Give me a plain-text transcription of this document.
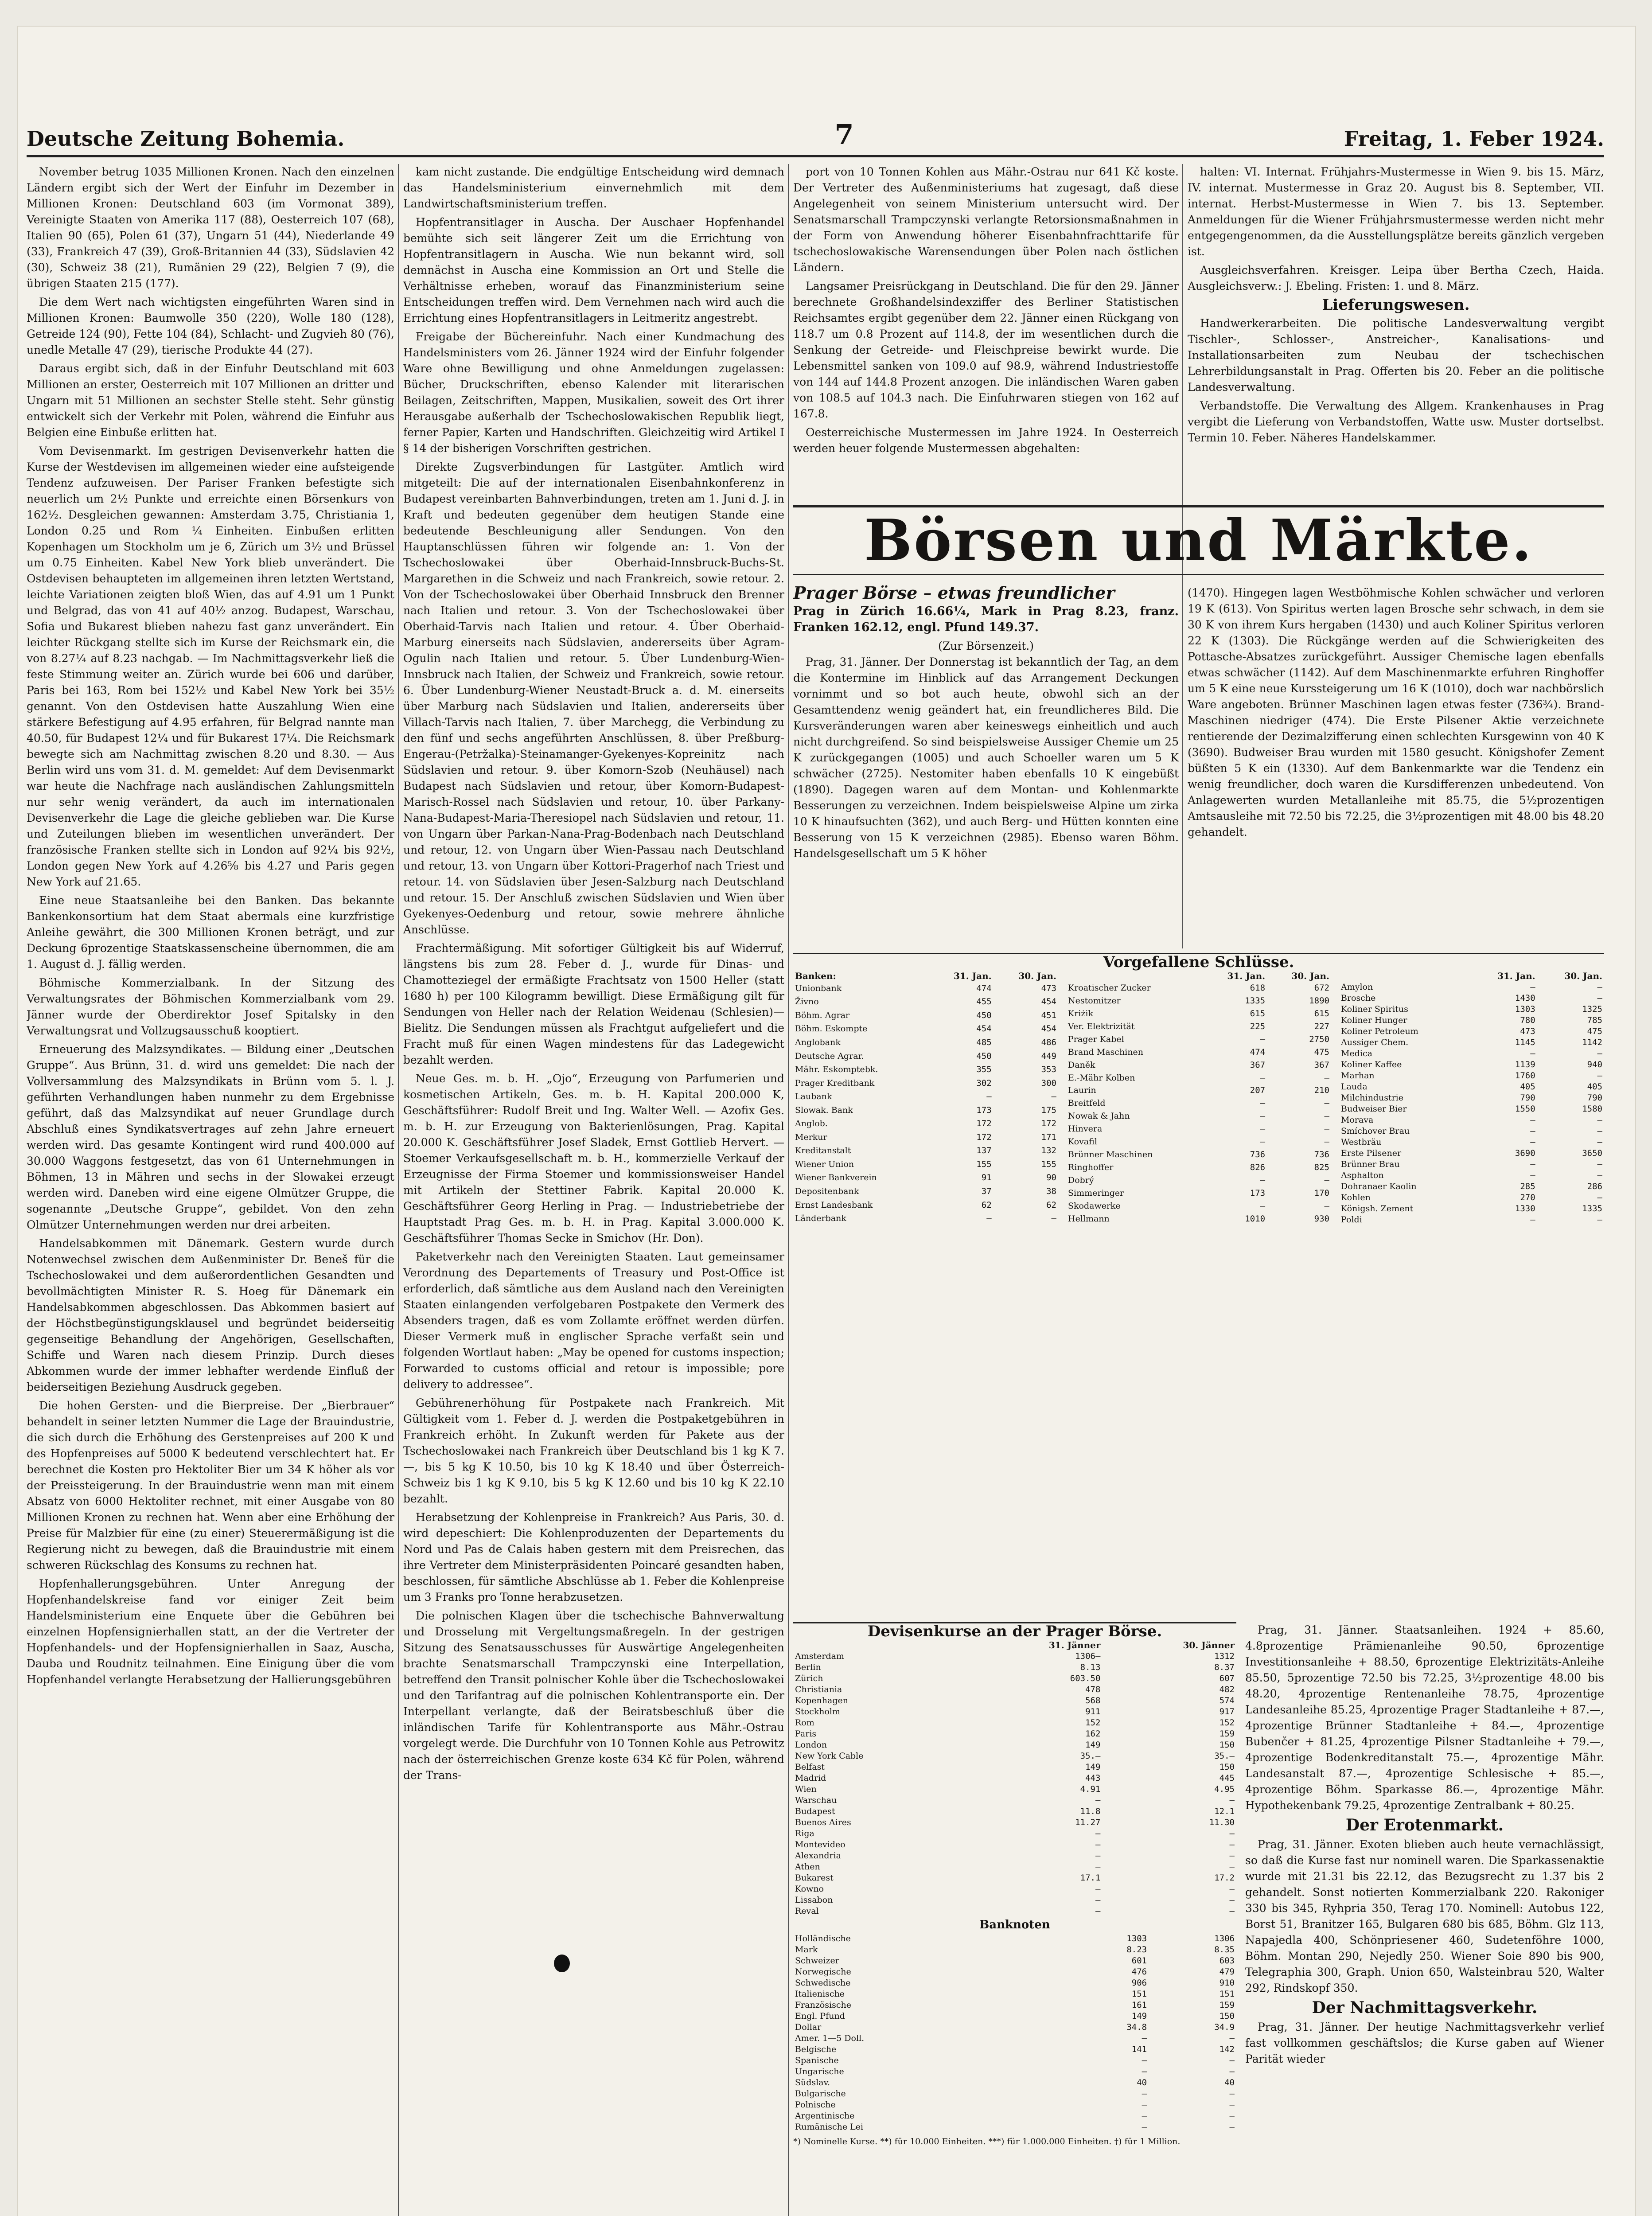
Deutsche Zeitung Bohemia.	7	Freitag, 1. Feber 1924.

November betrug 1035 Millionen Kronen. Nach den einzelnen Ländern ergibt sich der Wert der Einfuhr im Dezember in Millionen Kronen: Deutschland 603 (im Vormonat 389), Vereinigte Staaten von Amerika 117 (88), Oesterreich 107 (68), Italien 90 (65), Polen 61 (37), Ungarn 51 (44), Niederlande 49 (33), Frankreich 47 (39), Groß-Britannien 44 (33), Südslavien 42 (30), Schweiz 38 (21), Rumänien 29 (22), Belgien 7 (9), die übrigen Staaten 215 (177).

Die dem Wert nach wichtigsten eingeführten Waren sind in Millionen Kronen: Baumwolle 350 (220), Wolle 180 (128), Getreide 124 (90), Fette 104 (84), Schlacht- und Zugvieh 80 (76), unedle Metalle 47 (29), tierische Produkte 44 (27).

Daraus ergibt sich, daß in der Einfuhr Deutschland mit 603 Millionen an erster, Oesterreich mit 107 Millionen an dritter und Ungarn mit 51 Millionen an sechster Stelle steht. Sehr günstig entwickelt sich der Verkehr mit Polen, während die Einfuhr aus Belgien eine Einbuße erlitten hat.

Vom Devisenmarkt. Im gestrigen Devisenverkehr hatten die Kurse der Westdevisen im allgemeinen wieder eine aufsteigende Tendenz aufzuweisen. Der Pariser Franken befestigte sich neuerlich um 2½ Punkte und erreichte einen Börsenkurs von 162½. Desgleichen gewannen: Amsterdam 3.75, Christiania 1, London 0.25 und Rom ¼ Einheiten. Einbußen erlitten Kopenhagen um Stockholm um je 6, Zürich um 3½ und Brüssel um 0.75 Einheiten. Kabel New York blieb unverändert. Die Ostdevisen behaupteten im allgemeinen ihren letzten Wertstand, leichte Variationen zeigten bloß Wien, das auf 4.91 um 1 Punkt und Belgrad, das von 41 auf 40½ anzog. Budapest, Warschau, Sofia und Bukarest blieben nahezu fast ganz unverändert. Ein leichter Rückgang stellte sich im Kurse der Reichsmark ein, die von 8.27¼ auf 8.23 nachgab. — Im Nachmittagsverkehr ließ die feste Stimmung weiter an. Zürich wurde bei 606 und darüber, Paris bei 163, Rom bei 152½ und Kabel New York bei 35½ genannt. Von den Ostdevisen hatte Auszahlung Wien eine stärkere Befestigung auf 4.95 erfahren, für Belgrad nannte man 40.50, für Budapest 12¼ und für Bukarest 17¼. Die Reichsmark bewegte sich am Nachmittag zwischen 8.20 und 8.30. — Aus Berlin wird uns vom 31. d. M. gemeldet: Auf dem Devisenmarkt war heute die Nachfrage nach ausländischen Zahlungsmitteln nur sehr wenig verändert, da auch im internationalen Devisenverkehr die Lage die gleiche geblieben war. Die Kurse und Zuteilungen blieben im wesentlichen unverändert. Der französische Franken stellte sich in London auf 92¼ bis 92½, London gegen New York auf 4.26⅝ bis 4.27 und Paris gegen New York auf 21.65.

Eine neue Staatsanleihe bei den Banken. Das bekannte Bankenkonsortium hat dem Staat abermals eine kurzfristige Anleihe gewährt, die 300 Millionen Kronen beträgt, und zur Deckung 6prozentige Staatskassenscheine übernommen, die am 1. August d. J. fällig werden.

Böhmische Kommerzialbank. In der Sitzung des Verwaltungsrates der Böhmischen Kommerzialbank vom 29. Jänner wurde der Oberdirektor Josef Spitalsky in den Verwaltungsrat und Vollzugsausschuß kooptiert.

Erneuerung des Malzsyndikates. — Bildung einer „Deutschen Gruppe“. Aus Brünn, 31. d. wird uns gemeldet: Die nach der Vollversammlung des Malzsyndikats in Brünn vom 5. l. J. geführten Verhandlungen haben nunmehr zu dem Ergebnisse geführt, daß das Malzsyndikat auf neuer Grundlage durch Abschluß eines Syndikatsvertrages auf zehn Jahre erneuert werden wird. Das gesamte Kontingent wird rund 400.000 auf 30.000 Waggons festgesetzt, das von 61 Unternehmungen in Böhmen, 13 in Mähren und sechs in der Slowakei erzeugt werden wird. Daneben wird eine eigene Olmützer Gruppe, die sogenannte „Deutsche Gruppe“, gebildet. Von den zehn Olmützer Unternehmungen werden nur drei arbeiten.

Handelsabkommen mit Dänemark. Gestern wurde durch Notenwechsel zwischen dem Außenminister Dr. Beneš für die Tschechoslowakei und dem außerordentlichen Gesandten und bevollmächtigten Minister R. S. Hoeg für Dänemark ein Handelsabkommen abgeschlossen. Das Abkommen basiert auf der Höchstbegünstigungsklausel und begründet beiderseitig gegenseitige Behandlung der Angehörigen, Gesellschaften, Schiffe und Waren nach diesem Prinzip. Durch dieses Abkommen wurde der immer lebhafter werdende Einfluß der beiderseitigen Beziehung Ausdruck gegeben.

Die hohen Gersten- und die Bierpreise. Der „Bierbrauer“ behandelt in seiner letzten Nummer die Lage der Brauindustrie, die sich durch die Erhöhung des Gerstenpreises auf 200 K und des Hopfenpreises auf 5000 K bedeutend verschlechtert hat. Er berechnet die Kosten pro Hektoliter Bier um 34 K höher als vor der Preissteigerung. In der Brauindustrie wenn man mit einem Absatz von 6000 Hektoliter rechnet, mit einer Ausgabe von 80 Millionen Kronen zu rechnen hat. Wenn aber eine Erhöhung der Preise für Malzbier für eine (zu einer) Steuerermäßigung ist die Regierung nicht zu bewegen, daß die Brauindustrie mit einem schweren Rückschlag des Konsums zu rechnen hat.

Hopfenhallerungsgebühren. Unter Anregung der Hopfenhandelskreise fand vor einiger Zeit beim Handelsministerium eine Enquete über die Gebühren bei einzelnen Hopfensignierhallen statt, an der die Vertreter der Hopfenhandels- und der Hopfensignierhallen in Saaz, Auscha, Dauba und Roudnitz teilnahmen. Eine Einigung über die vom Hopfenhandel verlangte Herabsetzung der Hallierungsgebühren

kam nicht zustande. Die endgültige Entscheidung wird demnach das Handelsministerium einvernehmlich mit dem Landwirtschaftsministerium treffen.

Hopfentransitlager in Auscha. Der Auschaer Hopfenhandel bemühte sich seit längerer Zeit um die Errichtung von Hopfentransitlagern in Auscha. Wie nun bekannt wird, soll demnächst in Auscha eine Kommission an Ort und Stelle die Verhältnisse erheben, worauf das Finanzministerium seine Entscheidungen treffen wird. Dem Vernehmen nach wird auch die Errichtung eines Hopfentransitlagers in Leitmeritz angestrebt.

Freigabe der Büchereinfuhr. Nach einer Kundmachung des Handelsministers vom 26. Jänner 1924 wird der Einfuhr folgender Ware ohne Bewilligung und ohne Anmeldungen zugelassen: Bücher, Druckschriften, ebenso Kalender mit literarischen Beilagen, Zeitschriften, Mappen, Musikalien, soweit des Ort ihrer Herausgabe außerhalb der Tschechoslowakischen Republik liegt, ferner Papier, Karten und Handschriften. Gleichzeitig wird Artikel I § 14 der bisherigen Vorschriften gestrichen.

Direkte Zugsverbindungen für Lastgüter. Amtlich wird mitgeteilt: Die auf der internationalen Eisenbahnkonferenz in Budapest vereinbarten Bahnverbindungen, treten am 1. Juni d. J. in Kraft und bedeuten gegenüber dem heutigen Stande eine bedeutende Beschleunigung aller Sendungen. Von den Hauptanschlüssen führen wir folgende an: 1. Von der Tschechoslowakei über Oberhaid-Innsbruck-Buchs-St. Margarethen in die Schweiz und nach Frankreich, sowie retour. 2. Von der Tschechoslowakei über Oberhaid Innsbruck den Brenner nach Italien und retour. 3. Von der Tschechoslowakei über Oberhaid-Tarvis nach Italien und retour. 4. Über Oberhaid-Marburg einerseits nach Südslavien, andererseits über Agram-Ogulin nach Italien und retour. 5. Über Lundenburg-Wien-Innsbruck nach Italien, der Schweiz und Frankreich, sowie retour. 6. Über Lundenburg-Wiener Neustadt-Bruck a. d. M. einerseits über Marburg nach Südslavien und Italien, andererseits über Villach-Tarvis nach Italien, 7. über Marchegg, die Verbindung zu den fünf und sechs angeführten Anschlüssen, 8. über Preßburg-Engerau-(Petržalka)-Steinamanger-Gyekenyes-Kopreinitz nach Südslavien und retour. 9. über Komorn-Szob (Neuhäusel) nach Budapest nach Südslavien und retour, über Komorn-Budapest-Marisch-Rossel nach Südslavien und retour, 10. über Parkany-Nana-Budapest-Maria-Theresiopel nach Südslavien und retour, 11. von Ungarn über Parkan-Nana-Prag-Bodenbach nach Deutschland und retour, 12. von Ungarn über Wien-Passau nach Deutschland und retour, 13. von Ungarn über Kottori-Pragerhof nach Triest und retour. 14. von Südslavien über Jesen-Salzburg nach Deutschland und retour. 15. Der Anschluß zwischen Südslavien und Wien über Gyekenyes-Oedenburg und retour, sowie mehrere ähnliche Anschlüsse.

Frachtermäßigung. Mit sofortiger Gültigkeit bis auf Widerruf, längstens bis zum 28. Feber d. J., wurde für Dinas- und Chamotteziegel der ermäßigte Frachtsatz von 1500 Heller (statt 1680 h) per 100 Kilogramm bewilligt. Diese Ermäßigung gilt für Sendungen von Heller nach der Relation Weidenau (Schlesien)—Bielitz. Die Sendungen müssen als Frachtgut aufgeliefert und die Fracht muß für einen Wagen mindestens für das Ladegewicht bezahlt werden.

Neue Ges. m. b. H. „Ojo“, Erzeugung von Parfumerien und kosmetischen Artikeln, Ges. m. b. H. Kapital 200.000 K, Geschäftsführer: Rudolf Breit und Ing. Walter Well. — Azofix Ges. m. b. H. zur Erzeugung von Bakterienlösungen, Prag. Kapital 20.000 K. Geschäftsführer Josef Sladek, Ernst Gottlieb Hervert. — Stoemer Verkaufsgesellschaft m. b. H., kommerzielle Verkauf der Erzeugnisse der Firma Stoemer und kommissionsweiser Handel mit Artikeln der Stettiner Fabrik. Kapital 20.000 K. Geschäftsführer Georg Herling in Prag. — Industriebetriebe der Hauptstadt Prag Ges. m. b. H. in Prag. Kapital 3.000.000 K. Geschäftsführer Thomas Secke in Smichov (Hr. Don).

Paketverkehr nach den Vereinigten Staaten. Laut gemeinsamer Verordnung des Departements of Treasury und Post-Office ist erforderlich, daß sämtliche aus dem Ausland nach den Vereinigten Staaten einlangenden verfolgebaren Postpakete den Vermerk des Absenders tragen, daß es vom Zollamte eröffnet werden dürfen. Dieser Vermerk muß in englischer Sprache verfaßt sein und folgenden Wortlaut haben: „May be opened for customs inspection; Forwarded to customs official and retour is impossible; pore delivery to addressee“.

Gebührenerhöhung für Postpakete nach Frankreich. Mit Gültigkeit vom 1. Feber d. J. werden die Postpaketgebühren in Frankreich erhöht. In Zukunft werden für Pakete aus der Tschechoslowakei nach Frankreich über Deutschland bis 1 kg K 7.—, bis 5 kg K 10.50, bis 10 kg K 18.40 und über Österreich-Schweiz bis 1 kg K 9.10, bis 5 kg K 12.60 und bis 10 kg K 22.10 bezahlt.

Herabsetzung der Kohlenpreise in Frankreich? Aus Paris, 30. d. wird depeschiert: Die Kohlenproduzenten der Departements du Nord und Pas de Calais haben gestern mit dem Preisrechen, das ihre Vertreter dem Ministerpräsidenten Poincaré gesandten haben, beschlossen, für sämtliche Abschlüsse ab 1. Feber die Kohlenpreise um 3 Franks pro Tonne herabzusetzen.

Die polnischen Klagen über die tschechische Bahnverwaltung und Drosselung mit Vergeltungsmaßregeln. In der gestrigen Sitzung des Senatsausschusses für Auswärtige Angelegenheiten brachte Senatsmarschall Trampczynski eine Interpellation, betreffend den Transit polnischer Kohle über die Tschechoslowakei und den Tarifantrag auf die polnischen Kohlentransporte ein. Der Interpellant verlangte, daß der Beiratsbeschluß über die inländischen Tarife für Kohlentransporte aus Mähr.-Ostrau vorgelegt werde. Die Durchfuhr von 10 Tonnen Kohle aus Petrowitz nach der österreichischen Grenze koste 634 Kč für Polen, während der Trans-

port von 10 Tonnen Kohlen aus Mähr.-Ostrau nur 641 Kč koste. Der Vertreter des Außenministeriums hat zugesagt, daß diese Angelegenheit von seinem Ministerium untersucht wird. Der Senatsmarschall Trampczynski verlangte Retorsionsmaßnahmen in der Form von Anwendung höherer Eisenbahnfrachttarife für tschechoslowakische Warensendungen über Polen nach östlichen Ländern.

Langsamer Preisrückgang in Deutschland. Die für den 29. Jänner berechnete Großhandelsindexziffer des Berliner Statistischen Reichsamtes ergibt gegenüber dem 22. Jänner einen Rückgang von 118.7 um 0.8 Prozent auf 114.8, der im wesentlichen durch die Senkung der Getreide- und Fleischpreise bewirkt wurde. Die Lebensmittel sanken von 109.0 auf 98.9, während Industriestoffe von 144 auf 144.8 Prozent anzogen. Die inländischen Waren gaben von 108.5 auf 104.3 nach. Die Einfuhrwaren stiegen von 162 auf 167.8.

Oesterreichische Mustermessen im Jahre 1924. In Oesterreich werden heuer folgende Mustermessen abgehalten:

halten: VI. Internat. Frühjahrs-Mustermesse in Wien 9. bis 15. März, IV. internat. Mustermesse in Graz 20. August bis 8. September, VII. internat. Herbst-Mustermesse in Wien 7. bis 13. September. Anmeldungen für die Wiener Frühjahrsmustermesse werden nicht mehr entgegengenommen, da die Ausstellungsplätze bereits gänzlich vergeben ist.

Ausgleichsverfahren. Kreisger. Leipa über Bertha Czech, Haida. Ausgleichsverw.: J. Ebeling. Fristen: 1. und 8. März.

Lieferungswesen.

Handwerkerarbeiten. Die politische Landesverwaltung vergibt Tischler-, Schlosser-, Anstreicher-, Kanalisations- und Installationsarbeiten zum Neubau der tschechischen Lehrerbildungsanstalt in Prag. Offerten bis 20. Feber an die politische Landesverwaltung.

Verbandstoffe. Die Verwaltung des Allgem. Krankenhauses in Prag vergibt die Lieferung von Verbandstoffen, Watte usw. Muster dortselbst. Termin 10. Feber. Näheres Handelskammer.

Börsen und Märkte.
Prager Börse – etwas freundlicher
Prag in Zürich 16.66¼, Mark in Prag 8.23, franz. Franken 162.12, engl. Pfund 149.37.
(Zur Börsenzeit.)

Prag, 31. Jänner. Der Donnerstag ist bekanntlich der Tag, an dem die Kontermine im Hinblick auf das Arrangement Deckungen vornimmt und so bot auch heute, obwohl sich an der Gesamttendenz wenig geändert hat, ein freundlicheres Bild. Die Kursveränderungen waren aber keineswegs einheitlich und auch nicht durchgreifend. So sind beispielsweise Aussiger Chemie um 25 K zurückgegangen (1005) und auch Schoeller waren um 5 K schwächer (2725). Nestomiter haben ebenfalls 10 K eingebüßt (1890). Dagegen waren auf dem Montan- und Kohlenmarkte Besserungen zu verzeichnen. Indem beispielsweise Alpine um zirka 10 K hinaufsuchten (362), und auch Berg- und Hütten konnten eine Besserung von 15 K verzeichnen (2985). Ebenso waren Böhm. Handelsgesellschaft um 5 K höher

(1470). Hingegen lagen Westböhmische Kohlen schwächer und verloren 19 K (613). Von Spiritus werten lagen Brosche sehr schwach, in dem sie 30 K von ihrem Kurs hergaben (1430) und auch Koliner Spiritus verloren 22 K (1303). Die Rückgänge werden auf die Schwierigkeiten des Pottasche-Absatzes zurückgeführt. Aussiger Chemische lagen ebenfalls etwas schwächer (1142). Auf dem Maschinenmarkte erfuhren Ringhoffer um 5 K eine neue Kurssteigerung um 16 K (1010), doch war nachbörslich Ware angeboten. Brünner Maschinen lagen etwas fester (736¾). Brand-Maschinen niedriger (474). Die Erste Pilsener Aktie verzeichnete rentierende der Dezimalzifferung einen schlechten Kursgewinn von 40 K (3690). Budweiser Brau wurden mit 1580 gesucht. Königshofer Zement büßten 5 K ein (1330). Auf dem Bankenmarkte war die Tendenz ein wenig freundlicher, doch waren die Kursdifferenzen unbedeutend. Von Anlagewerten wurden Metallanleihe mit 85.75, die 5½prozentigen Amtsausleihe mit 72.50 bis 72.25, die 3½prozentigen mit 48.00 bis 48.20 gehandelt.

Vorgefallene Schlüsse.
Banken:	31. Jan.	30. Jan.
Unionbank	474	473
Živno	455	454
Böhm. Agrar	450	451
Böhm. Eskompte	454	454
Anglobank	485	486
Deutsche Agrar.	450	449
Mähr. Eskomptebk.	355	353
Prager Kreditbank	302	300
Laubank	—	—
Slowak. Bank	173	175
Anglob.	172	172
Merkur	172	171
Kreditanstalt	137	132
Wiener Union	155	155
Wiener Bankverein	91	90
Depositenbank	37	38
Ernst Landesbank	62	62
Länderbank	—	—
	31. Jan.	30. Jan.
Kroatischer Zucker	618	672
Nestomitzer	1335	1890
Kriżik	615	615
Ver. Elektrizität	225	227
Prager Kabel	—	2750
Brand Maschinen	474	475
Daněk	367	367
E.-Mähr Kolben	—	—
Laurin	207	210
Breitfeld	—	—
Nowak & Jahn	—	—
Hinvera	—	—
Kovafil	—	—
Brünner Maschinen	736	736
Ringhoffer	826	825
Dobrý	—	—
Simmeringer	173	170
Skodawerke	—	—
Hellmann	1010	930
	31. Jan.	30. Jan.
Amylon	—	—
Brosche	1430	—
Koliner Spiritus	1303	1325
Koliner Hunger	780	785
Koliner Petroleum	473	475
Aussiger Chem.	1145	1142
Medica	—	—
Koliner Kaffee	1139	940
Marhan	1760	—
Lauda	405	405
Milchindustrie	790	790
Budweiser Bier	1550	1580
Morava	—	—
Smíchover Brau	—	—
Westbräu	—	—
Erste Pilsener	3690	3650
Brünner Brau	—	—
Asphalton	—	—
Dohranaer Kaolin	285	286
Kohlen	270	—
Königsh. Zement	1330	1335
Poldi	—	—
Devisenkurse an der Prager Börse.
	31. Jänner	30. Jänner
Amsterdam	1306—	1312
Berlin	8.13	8.37
Zürich	603.50	607
Christiania	478	482
Kopenhagen	568	574
Stockholm	911	917
Rom	152	152
Paris	162	159
London	149	150
New York Cable	35.—	35.—
Belfast	149	150
Madrid	443	445
Wien	4.91	4.95
Warschau	—	—
Budapest	11.8	12.1
Buenos Aires	11.27	11.30
Riga	—	—
Montevideo	—	—
Alexandria	—	—
Athen	—	—
Bukarest	17.1	17.2
Kowno	—	—
Lissabon	—	—
Reval	—	—
Banknoten
Holländische	1303	1306
Mark	8.23	8.35
Schweizer	601	603
Norwegische	476	479
Schwedische	906	910
Italienische	151	151
Französische	161	159
Engl. Pfund	149	150
Dollar	34.8	34.9
Amer. 1—5 Doll.	—	—
Belgische	141	142
Spanische	—	—
Ungarische	—	—
Südslav.	40	40
Bulgarische	—	—
Polnische	—	—
Argentinische	—	—
Rumänische Lei	—	—
*) Nominelle Kurse. **) für 10.000 Einheiten. ***) für 1.000.000 Einheiten. †) für 1 Million.

Prag, 31. Jänner. Staatsanleihen. 1924 + 85.60, 4.8prozentige Prämienanleihe 90.50, 6prozentige Investitionsanleihe + 88.50, 6prozentige Elektrizitäts-Anleihe 85.50, 5prozentige 72.50 bis 72.25, 3½prozentige 48.00 bis 48.20, 4prozentige Rentenanleihe 78.75, 4prozentige Landesanleihe 85.25, 4prozentige Prager Stadtanleihe + 87.—, 4prozentige Brünner Stadtanleihe + 84.—, 4prozentige Bubenčer + 81.25, 4prozentige Pilsner Stadtanleihe + 79.—, 4prozentige Bodenkreditanstalt 75.—, 4prozentige Mähr. Landesanstalt 87.—, 4prozentige Schlesische + 85.—, 4prozentige Böhm. Sparkasse 86.—, 4prozentige Mähr. Hypothekenbank 79.25, 4prozentige Zentralbank + 80.25.

Der Erotenmarkt.

Prag, 31. Jänner. Exoten blieben auch heute vernachlässigt, so daß die Kurse fast nur nominell waren. Die Sparkassenaktie wurde mit 21.31 bis 22.12, das Bezugsrecht zu 1.37 bis 2 gehandelt. Sonst notierten Kommerzialbank 220. Rakoniger 330 bis 345, Ryhpria 350, Terag 170. Nominell: Autobus 122, Borst 51, Branitzer 165, Bulgaren 680 bis 685, Böhm. Glz 113, Napajedla 400, Schönpriesener 460, Sudetenföhre 1000, Böhm. Montan 290, Nejedly 250. Wiener Soie 890 bis 900, Telegraphia 300, Graph. Union 650, Walsteinbrau 520, Walter 292, Rindskopf 350.

Der Nachmittagsverkehr.

Prag, 31. Jänner. Der heutige Nachmittagsverkehr verlief fast vollkommen geschäftslos; die Kurse gaben auf Wiener Parität wieder
